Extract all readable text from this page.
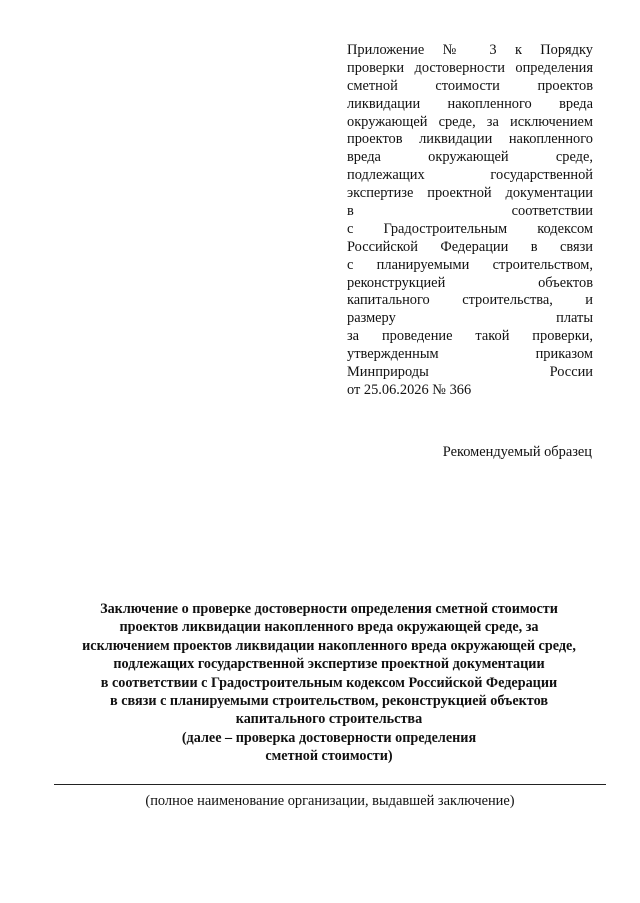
Приложение № 3 к Порядку
проверки достоверности определения
сметной стоимости проектов
ликвидации накопленного вреда
окружающей среде, за исключением
проектов ликвидации накопленного
вреда окружающей среде,
подлежащих государственной
экспертизе проектной документации
в соответствии
с Градостроительным кодексом
Российской Федерации в связи
с планируемыми строительством,
реконструкцией объектов
капитального строительства, и
размеру платы
за проведение такой проверки,
утвержденным приказом
Минприроды России
от 25.06.2026 № 366
Рекомендуемый образец
Заключение о проверке достоверности определения сметной стоимости
проектов ликвидации накопленного вреда окружающей среде, за
исключением проектов ликвидации накопленного вреда окружающей среде,
подлежащих государственной экспертизе проектной документации
в соответствии с Градостроительным кодексом Российской Федерации
в связи с планируемыми строительством, реконструкцией объектов
капитального строительства
(далее – проверка достоверности определения
сметной стоимости)
(полное наименование организации, выдавшей заключение)
